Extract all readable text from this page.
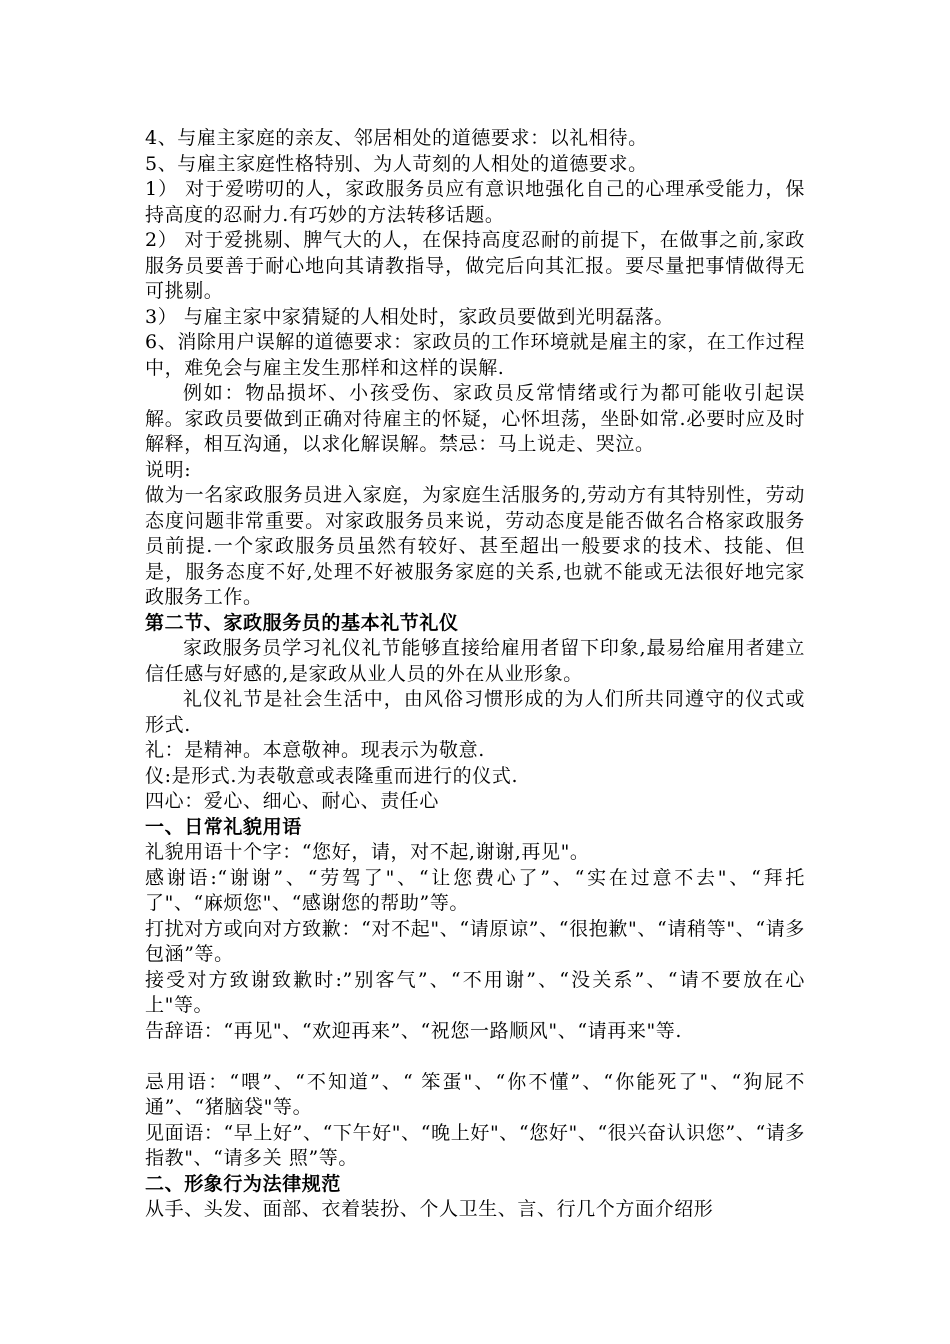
4、与雇主家庭的亲友、邻居相处的道德要求：以礼相待。

5、与雇主家庭性格特别、为人苛刻的人相处的道德要求。

1） 对于爱唠叨的人，家政服务员应有意识地强化自己的心理承受能力，保持高度的忍耐力.有巧妙的方法转移话题。

2） 对于爱挑剔、脾气大的人，在保持高度忍耐的前提下，在做事之前,家政服务员要善于耐心地向其请教指导，做完后向其汇报。要尽量把事情做得无可挑剔。

3） 与雇主家中家猜疑的人相处时，家政员要做到光明磊落。

6、消除用户误解的道德要求：家政员的工作环境就是雇主的家，在工作过程中，难免会与雇主发生那样和这样的误解.

例如：物品损坏、小孩受伤、家政员反常情绪或行为都可能收引起误解。家政员要做到正确对待雇主的怀疑，心怀坦荡，坐卧如常.必要时应及时解释，相互沟通，以求化解误解。禁忌：马上说走、哭泣。

说明:

做为一名家政服务员进入家庭，为家庭生活服务的,劳动方有其特别性，劳动态度问题非常重要。对家政服务员来说，劳动态度是能否做名合格家政服务员前提.一个家政服务员虽然有较好、甚至超出一般要求的技术、技能、但是，服务态度不好,处理不好被服务家庭的关系,也就不能或无法很好地完家政服务工作。

第二节、家政服务员的基本礼节礼仪

家政服务员学习礼仪礼节能够直接给雇用者留下印象,最易给雇用者建立信任感与好感的,是家政从业人员的外在从业形象。

礼仪礼节是社会生活中，由风俗习惯形成的为人们所共同遵守的仪式或形式.

礼：是精神。本意敬神。现表示为敬意.

仪:是形式.为表敬意或表隆重而进行的仪式.

四心：爱心、细心、耐心、责任心

一、日常礼貌用语

礼貌用语十个字：“您好，请，对不起,谢谢,再见"。

感谢语:“谢谢”、“劳驾了"、“让您费心了”、“实在过意不去"、“拜托了"、“麻烦您"、“感谢您的帮助”等。

打扰对方或向对方致歉：“对不起"、“请原谅”、“很抱歉"、“请稍等"、“请多包涵”等。

接受对方致谢致歉时:”别客气”、“不用谢”、“没关系”、“请不要放在心上"等。

告辞语：“再见"、“欢迎再来”、“祝您一路顺风"、“请再来"等.

忌用语：“喂”、“不知道”、“ 笨蛋"、“你不懂”、“你能死了"、“狗屁不通”、“猪脑袋"等。

见面语：“早上好”、“下午好"、“晚上好"、“您好"、“很兴奋认识您”、“请多 指教"、“请多关 照”等。

二、形象行为法律规范

从手、头发、面部、衣着装扮、个人卫生、言、行几个方面介绍形
